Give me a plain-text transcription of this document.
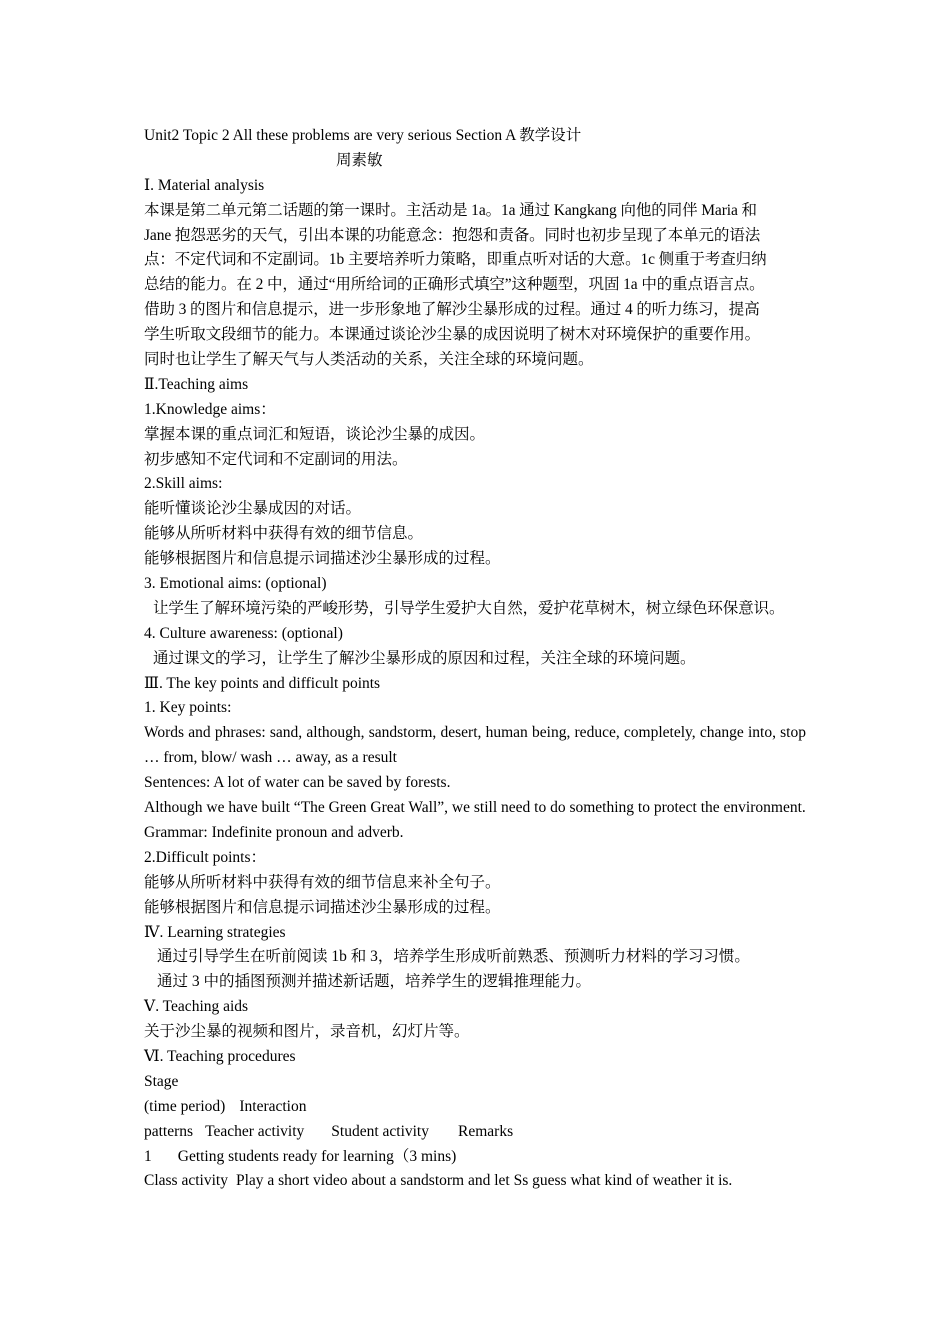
Unit2 Topic 2 All these problems are very serious Section A 教学设计
周素敏
Ⅰ. Material analysis
本课是第二单元第二话题的第一课时。主活动是 1a。1a 通过 Kangkang 向他的同伴 Maria 和
Jane 抱怨恶劣的天气，引出本课的功能意念：抱怨和责备。同时也初步呈现了本单元的语法
点：不定代词和不定副词。1b 主要培养听力策略，即重点听对话的大意。1c 侧重于考查归纳
总结的能力。在 2 中，通过“用所给词的正确形式填空”这种题型，巩固 1a 中的重点语言点。
借助 3 的图片和信息提示，进一步形象地了解沙尘暴形成的过程。通过 4 的听力练习，提高
学生听取文段细节的能力。本课通过谈论沙尘暴的成因说明了树木对环境保护的重要作用。
同时也让学生了解天气与人类活动的关系，关注全球的环境问题。
Ⅱ.Teaching aims
1.Knowledge aims：
掌握本课的重点词汇和短语，谈论沙尘暴的成因。
初步感知不定代词和不定副词的用法。
2.Skill aims:
能听懂谈论沙尘暴成因的对话。
能够从所听材料中获得有效的细节信息。
能够根据图片和信息提示词描述沙尘暴形成的过程。
3. Emotional aims: (optional)
让学生了解环境污染的严峻形势，引导学生爱护大自然，爱护花草树木，树立绿色环保意识。
4. Culture awareness: (optional)
通过课文的学习，让学生了解沙尘暴形成的原因和过程，关注全球的环境问题。
Ⅲ. The key points and difficult points
1. Key points:
Words and phrases: sand, although, sandstorm, desert, human being, reduce, completely, change into, stop … from, blow/ wash … away, as a result
Sentences: A lot of water can be saved by forests.
Although we have built “The Green Great Wall”, we still need to do something to protect the environment.
Grammar: Indefinite pronoun and adverb.
2.Difficult points：
能够从所听材料中获得有效的细节信息来补全句子。
能够根据图片和信息提示词描述沙尘暴形成的过程。
Ⅳ. Learning strategies
通过引导学生在听前阅读 1b 和 3，培养学生形成听前熟悉、预测听力材料的学习习惯。
通过 3 中的插图预测并描述新话题，培养学生的逻辑推理能力。
Ⅴ. Teaching aids
关于沙尘暴的视频和图片，录音机，幻灯片等。
Ⅵ. Teaching procedures
Stage
(time period) Interaction
patterns Teacher activity Student activity Remarks
1 Getting students ready for learning（3 mins)
Class activity Play a short video about a sandstorm and let Ss guess what kind of weather it is.
